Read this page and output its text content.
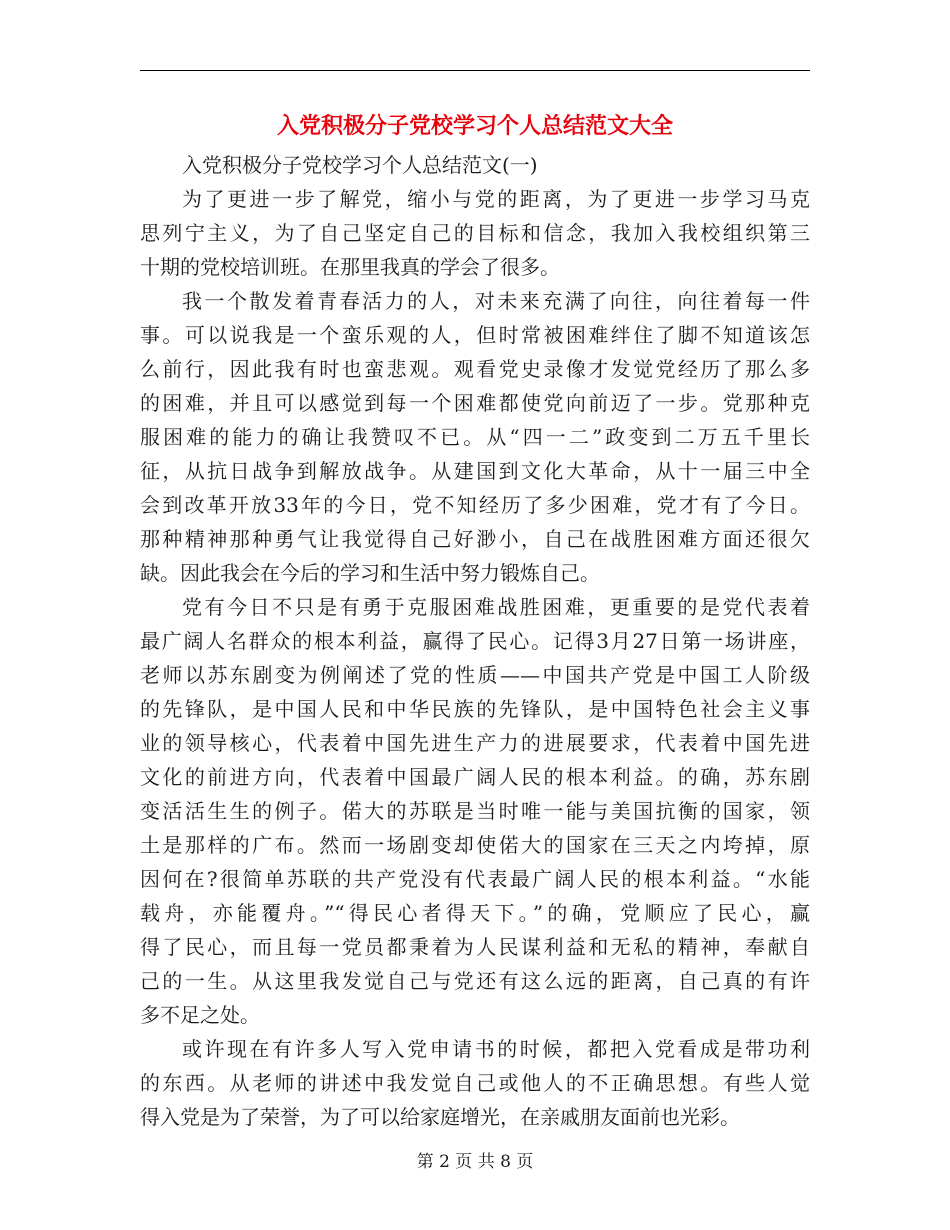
入党积极分子党校学习个人总结范文大全

入党积极分子党校学习个人总结范文(一)

为了更进一步了解党，缩小与党的距离，为了更进一步学习马克
思列宁主义，为了自己坚定自己的目标和信念，我加入我校组织第三
十期的党校培训班。在那里我真的学会了很多。
我一个散发着青春活力的人，对未来充满了向往，向往着每一件
事。可以说我是一个蛮乐观的人，但时常被困难绊住了脚不知道该怎
么前行，因此我有时也蛮悲观。观看党史录像才发觉党经历了那么多
的困难，并且可以感觉到每一个困难都使党向前迈了一步。党那种克
服困难的能力的确让我赞叹不已。从“四一二”政变到二万五千里长
征，从抗日战争到解放战争。从建国到文化大革命，从十一届三中全
会到改革开放33年的今日，党不知经历了多少困难，党才有了今日。
那种精神那种勇气让我觉得自己好渺小，自己在战胜困难方面还很欠
缺。因此我会在今后的学习和生活中努力锻炼自己。
党有今日不只是有勇于克服困难战胜困难，更重要的是党代表着
最广阔人名群众的根本利益，赢得了民心。记得3月27日第一场讲座，
老师以苏东剧变为例阐述了党的性质——中国共产党是中国工人阶级
的先锋队，是中国人民和中华民族的先锋队，是中国特色社会主义事
业的领导核心，代表着中国先进生产力的进展要求，代表着中国先进
文化的前进方向，代表着中国最广阔人民的根本利益。的确，苏东剧
变活活生生的例子。偌大的苏联是当时唯一能与美国抗衡的国家，领
土是那样的广布。然而一场剧变却使偌大的国家在三天之内垮掉，原
因何在?很简单苏联的共产党没有代表最广阔人民的根本利益。“水能
载舟，亦能覆舟。”“得民心者得天下。”的确，党顺应了民心，赢
得了民心，而且每一党员都秉着为人民谋利益和无私的精神，奉献自
己的一生。从这里我发觉自己与党还有这么远的距离，自己真的有许
多不足之处。
或许现在有许多人写入党申请书的时候，都把入党看成是带功利
的东西。从老师的讲述中我发觉自己或他人的不正确思想。有些人觉
得入党是为了荣誉，为了可以给家庭增光，在亲戚朋友面前也光彩。
第 2 页 共 8 页
